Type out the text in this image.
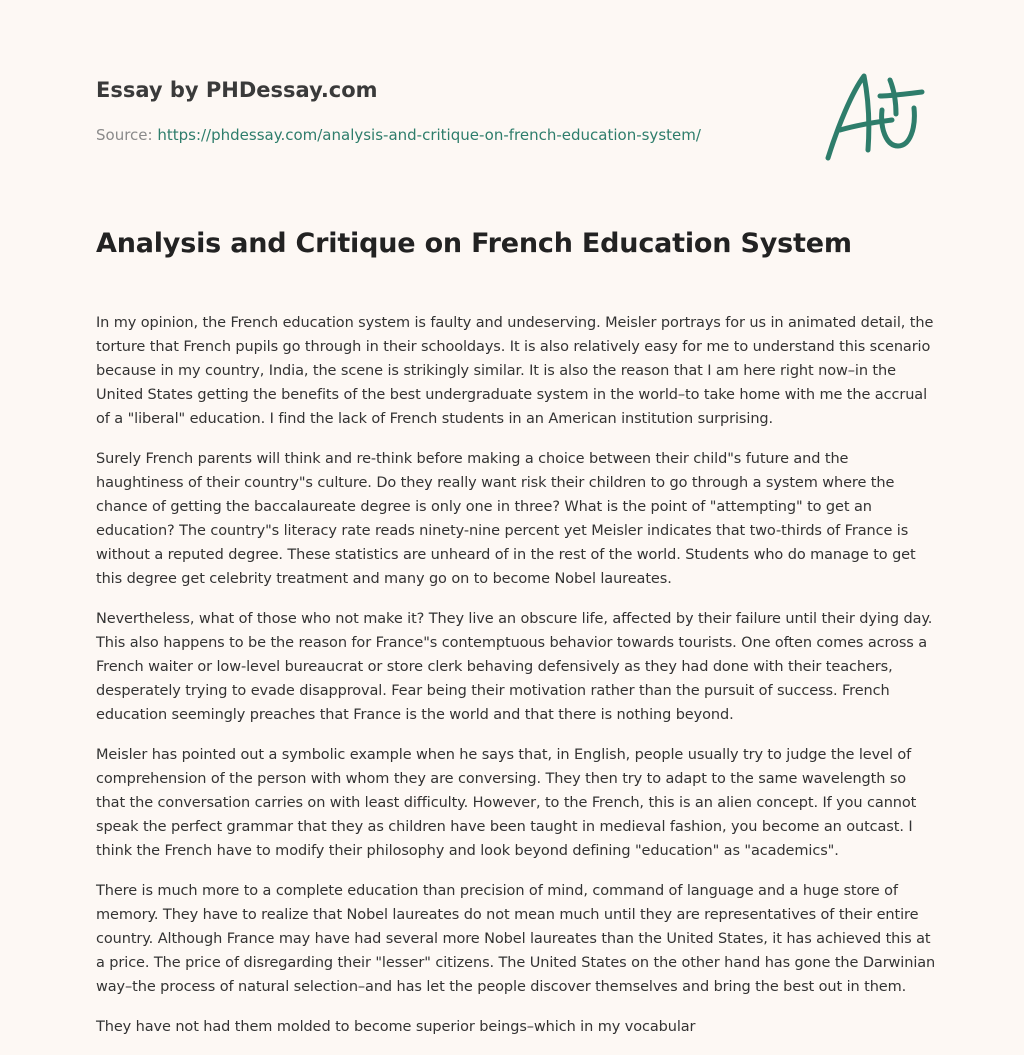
Essay by PHDessay.com
Source: https://phdessay.com/analysis-and-critique-on-french-education-system/
Analysis and Critique on French Education System

In my opinion, the French education system is faulty and undeserving. Meisler portrays for us in animated detail, the torture that French pupils go through in their schooldays. It is also relatively easy for me to understand this scenario because in my country, India, the scene is strikingly similar. It is also the reason that I am here right now–in the United States getting the benefits of the best undergraduate system in the world–to take home with me the accrual of a "liberal" education. I find the lack of French students in an American institution surprising.

Surely French parents will think and re-think before making a choice between their child"s future and the haughtiness of their country"s culture. Do they really want risk their children to go through a system where the chance of getting the baccalaureate degree is only one in three? What is the point of "attempting" to get an education? The country"s literacy rate reads ninety-nine percent yet Meisler indicates that two-thirds of France is without a reputed degree. These statistics are unheard of in the rest of the world. Students who do manage to get this degree get celebrity treatment and many go on to become Nobel laureates.

Nevertheless, what of those who not make it? They live an obscure life, affected by their failure until their dying day. This also happens to be the reason for France"s contemptuous behavior towards tourists. One often comes across a French waiter or low-level bureaucrat or store clerk behaving defensively as they had done with their teachers, desperately trying to evade disapproval. Fear being their motivation rather than the pursuit of success. French education seemingly preaches that France is the world and that there is nothing beyond.

Meisler has pointed out a symbolic example when he says that, in English, people usually try to judge the level of comprehension of the person with whom they are conversing. They then try to adapt to the same wavelength so that the conversation carries on with least difficulty. However, to the French, this is an alien concept. If you cannot speak the perfect grammar that they as children have been taught in medieval fashion, you become an outcast. I think the French have to modify their philosophy and look beyond defining "education" as "academics".

There is much more to a complete education than precision of mind, command of language and a huge store of memory. They have to realize that Nobel laureates do not mean much until they are representatives of their entire country. Although France may have had several more Nobel laureates than the United States, it has achieved this at a price. The price of disregarding their "lesser" citizens. The United States on the other hand has gone the Darwinian way–the process of natural selection–and has let the people discover themselves and bring the best out in them.

They have not had them molded to become superior beings–which in my vocabular
